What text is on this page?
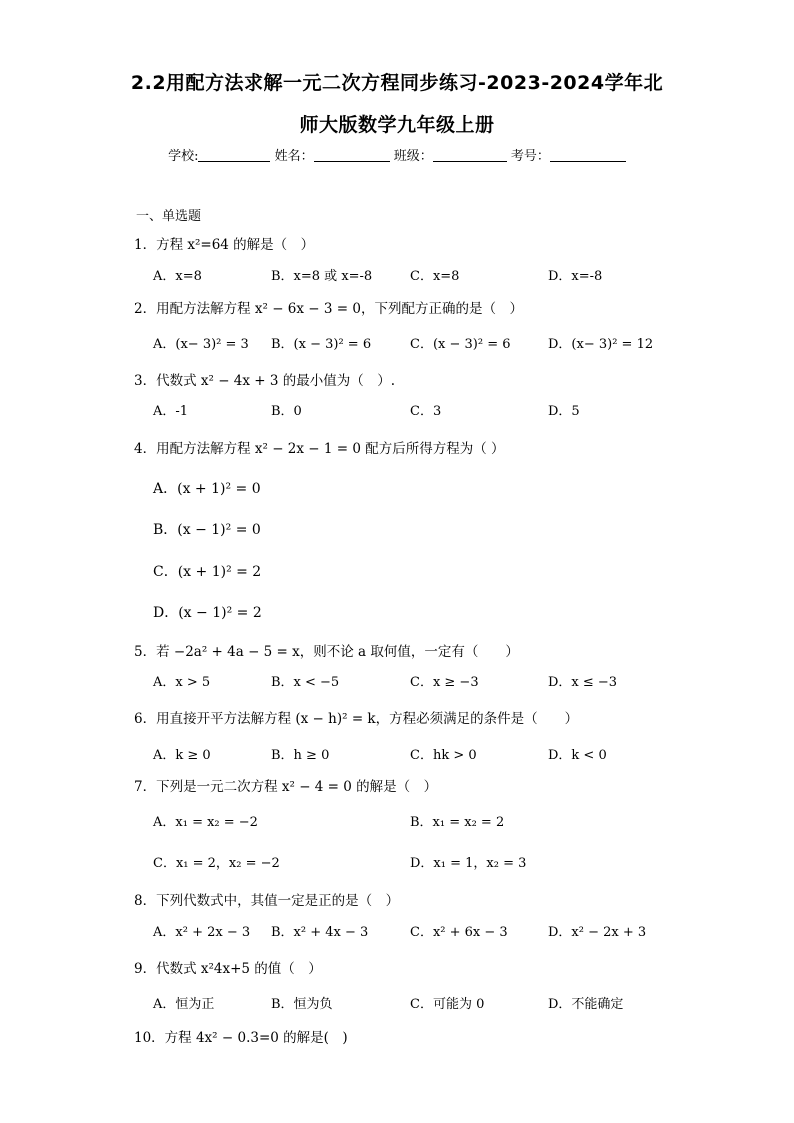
2.2用配方法求解一元二次方程同步练习-2023-2024学年北
师大版数学九年级上册
学校:	姓名：	班级：	考号：
一、单选题
1．方程 x²=64 的解是（　）
A．x=8	B．x=8 或 x=-8	C．x=8	D．x=-8
2．用配方法解方程 x² − 6x − 3 = 0，下列配方正确的是（　）
A．(x− 3)² = 3 B．(x − 3)² = 6	C．(x − 3)² = 6	D．(x− 3)² = 12
3．代数式 x² − 4x + 3 的最小值为（　）.
A．-1	B．0	C．3	D．5
4．用配方法解方程 x² − 2x − 1 = 0 配方后所得方程为（ ）
A．(x + 1)² = 0
B．(x − 1)² = 0
C．(x + 1)² = 2
D．(x − 1)² = 2
5．若 −2a² + 4a − 5 = x，则不论 a 取何值，一定有（　　）
A．x > 5	B．x < −5	C．x ≥ −3	D．x ≤ −3
6．用直接开平方法解方程 (x − h)² = k，方程必须满足的条件是（　　）
A．k ≥ 0	B．h ≥ 0	C．hk > 0	D．k < 0
7．下列是一元二次方程 x² − 4 = 0 的解是（　）
A．x₁ = x₂ = −2	B．x₁ = x₂ = 2
C．x₁ = 2，x₂ = −2	D．x₁ = 1，x₂ = 3
8．下列代数式中，其值一定是正的是（　）
A．x² + 2x − 3 B．x² + 4x − 3	C．x² + 6x − 3	D．x² − 2x + 3
9．代数式 x²4x+5 的值（　）
A．恒为正	B．恒为负	C．可能为 0	D．不能确定
10．方程 4x² − 0.3=0 的解是(　)
